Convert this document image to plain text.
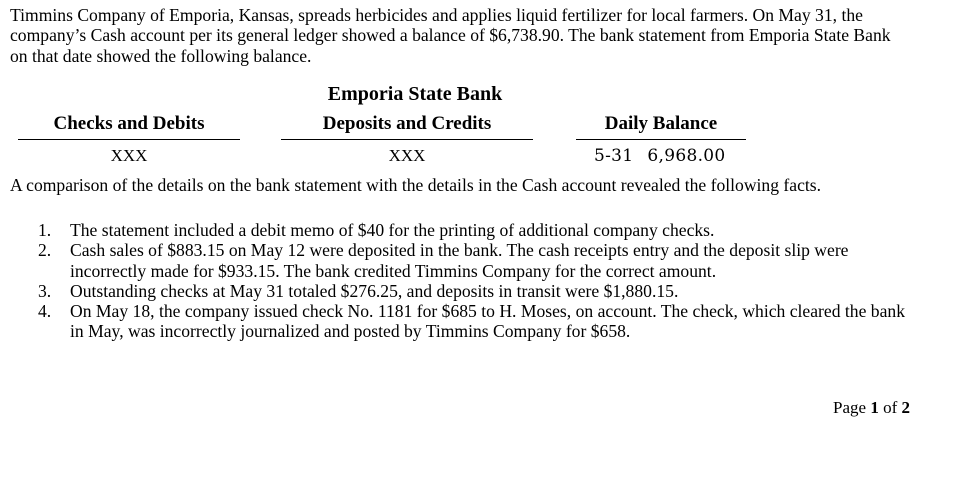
Timmins Company of Emporia, Kansas, spreads herbicides and applies liquid fertilizer for local farmers. On May 31, the company’s Cash account per its general ledger showed a balance of $6,738.90. The bank statement from Emporia State Bank on that date showed the following balance.

Emporia State Bank
Checks and Debits	Deposits and Credits	Daily Balance
XXX	XXX	5-31 6,968.00

A comparison of the details on the bank statement with the details in the Cash account revealed the following facts.

1. The statement included a debit memo of $40 for the printing of additional company checks.
2. Cash sales of $883.15 on May 12 were deposited in the bank. The cash receipts entry and the deposit slip were incorrectly made for $933.15. The bank credited Timmins Company for the correct amount.
3. Outstanding checks at May 31 totaled $276.25, and deposits in transit were $1,880.15.
4. On May 18, the company issued check No. 1181 for $685 to H. Moses, on account. The check, which cleared the bank in May, was incorrectly journalized and posted by Timmins Company for $658.
Page 1 of 2
